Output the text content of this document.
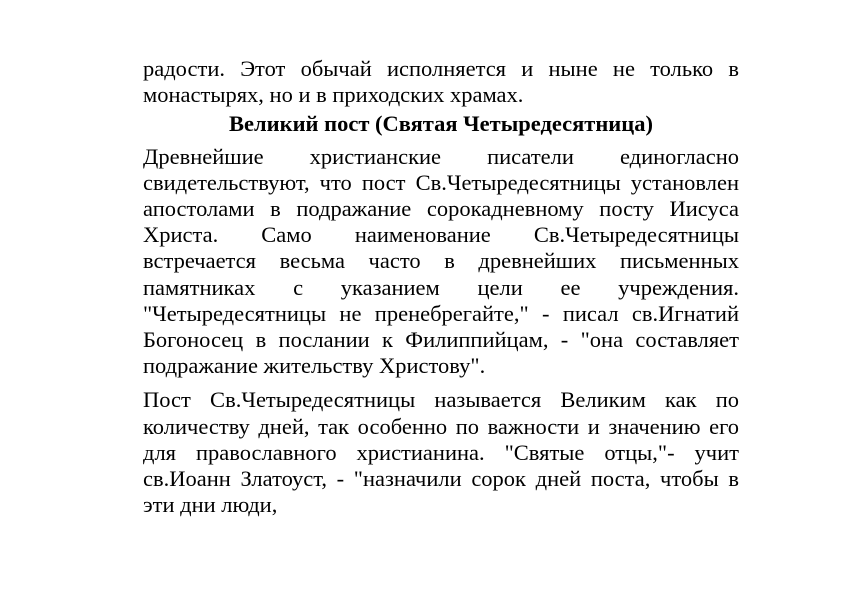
радости. Этот обычай исполняется и ныне не только в монастырях, но и в приходских храмах.

Великий пост (Святая Четыредесятница)

Древнейшие христианские писатели единогласно свидетельствуют, что пост Св.Четыредесятницы установлен апостолами в подражание сорокадневному посту Иисуса Христа. Само наименование Св.Четыредесятницы встречается весьма часто в древнейших письменных памятниках с указанием цели ее учреждения. "Четыредесятницы не пренебрегайте," - писал св.Игнатий Богоносец в послании к Филиппийцам, - "она составляет подражание жительству Христову".

Пост Св.Четыредесятницы называется Великим как по количеству дней, так особенно по важности и значению его для православного христианина. "Святые отцы,"- учит св.Иоанн Златоуст, - "назначили сорок дней поста, чтобы в эти дни люди,
